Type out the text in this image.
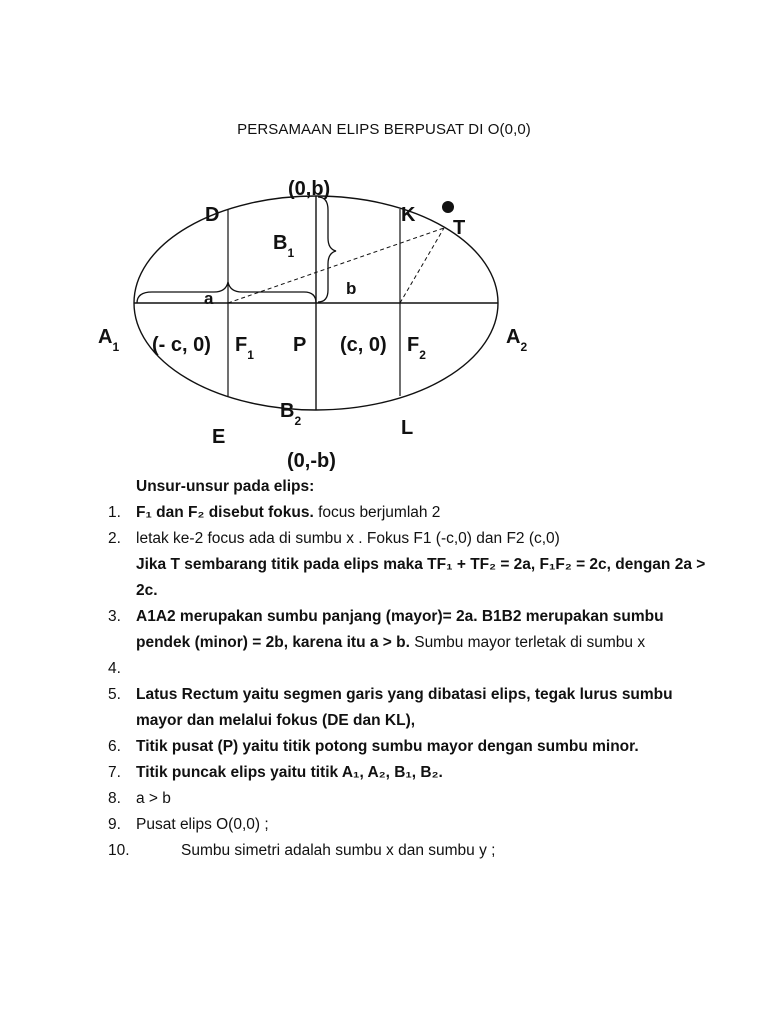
PERSAMAAN ELIPS BERPUSAT DI O(0,0)
(0,b)
D	K
T
$B_1$
b
a
$A_1$ (- c, 0) $F_1$ P (c, 0) $F_2$
$A_2$
$B_2$
E	L
(0,-b)
Unsur-unsur pada elips:
1. F₁ dan F₂ disebut fokus. focus berjumlah 2
2. letak ke-2 focus ada di sumbu x . Fokus F1 (-c,0) dan F2 (c,0)
Jika T sembarang titik pada elips maka TF₁ + TF₂ = 2a, F₁F₂ = 2c, dengan 2a > 2c.
3. A1A2 merupakan sumbu panjang (mayor)= 2a. B1B2 merupakan sumbu pendek (minor) = 2b, karena itu a > b. Sumbu mayor terletak di sumbu x
4.
5. Latus Rectum yaitu segmen garis yang dibatasi elips, tegak lurus sumbu mayor dan melalui fokus (DE dan KL),
6. Titik pusat (P) yaitu titik potong sumbu mayor dengan sumbu minor.
7. Titik puncak elips yaitu titik A₁, A₂, B₁, B₂.
8. a > b
9. Pusat elips O(0,0) ;
10.	Sumbu simetri adalah sumbu x dan sumbu y ;
